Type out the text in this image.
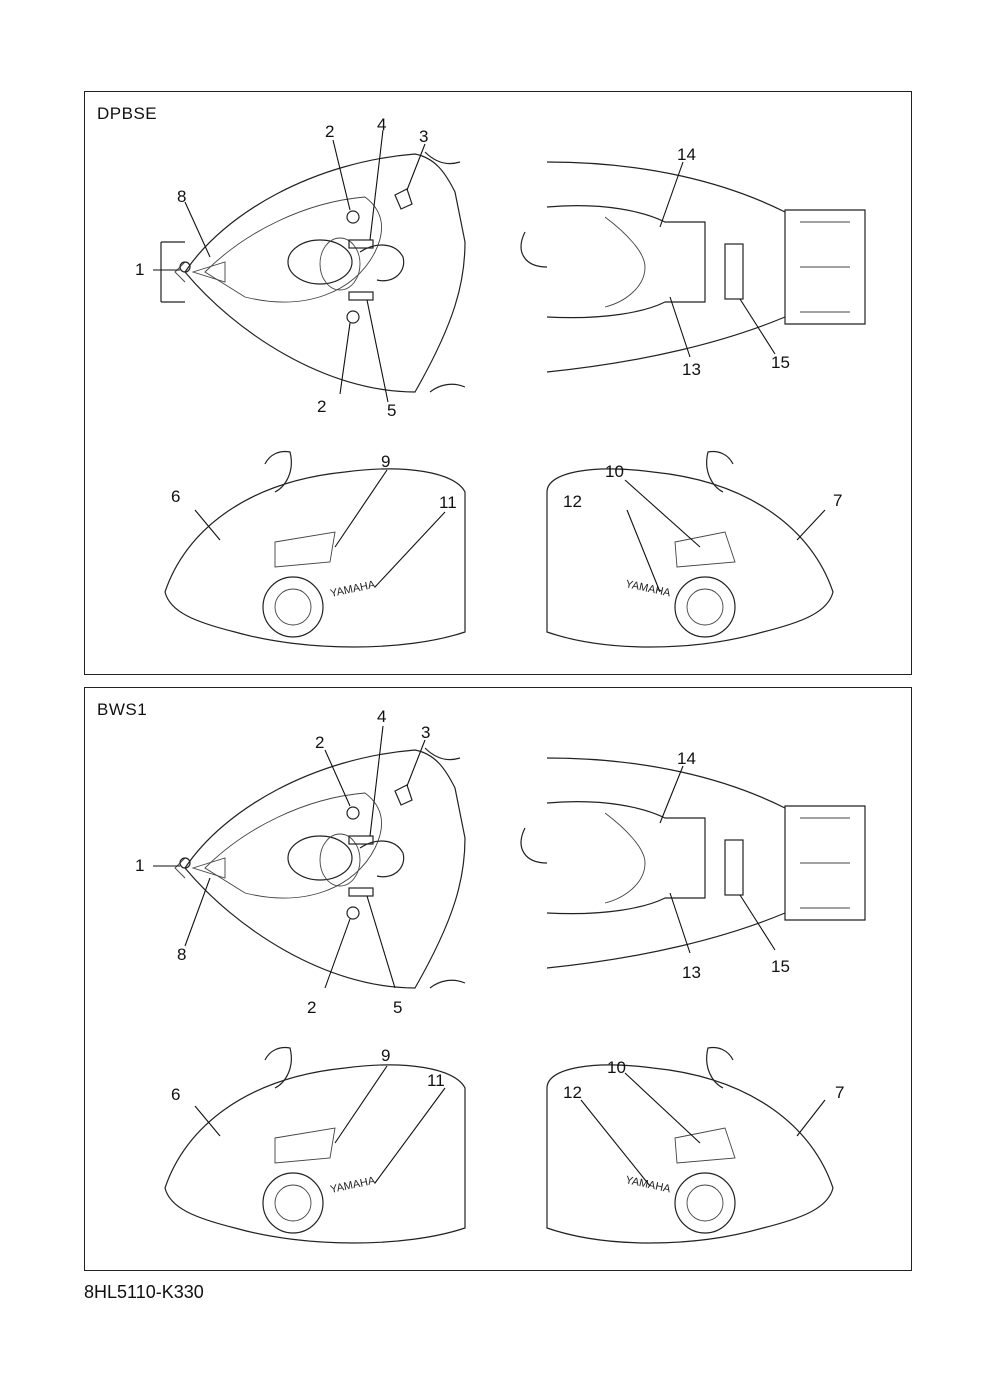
DPBSE
1
8
2	4
3
2	5
14
13	15
YAMAHA
6
9
11
YAMAHA
12
10
7
BWS1
1
8
2
4
3
2	5
14
13	15
YAMAHA
6
9
11
YAMAHA
12
10
7
8HL5110-K330
